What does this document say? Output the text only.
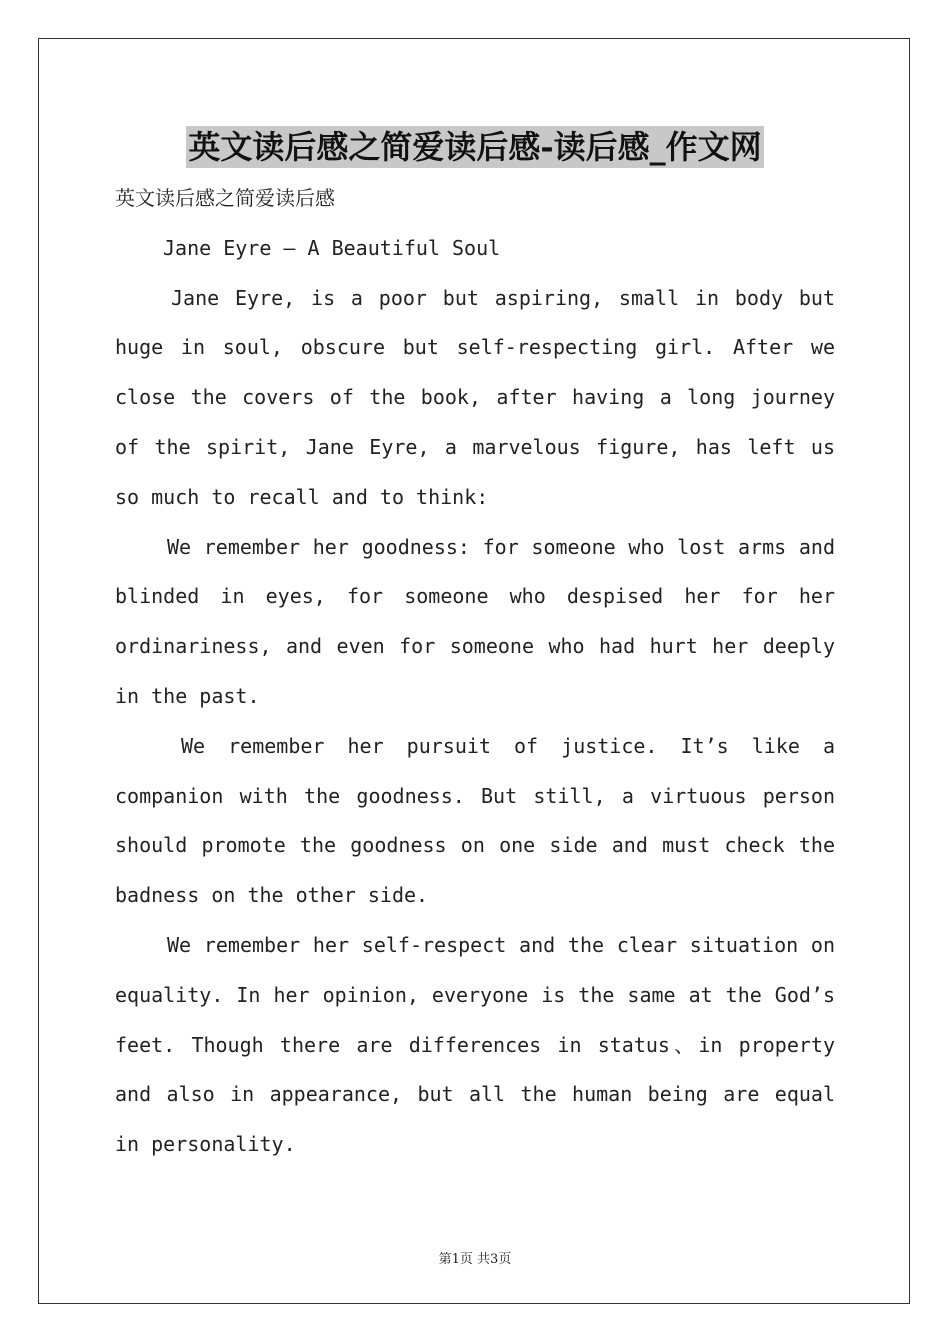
英文读后感之简爱读后感-读后感_作文网

英文读后感之简爱读后感

Jane Eyre — A Beautiful Soul

Jane Eyre, is a poor but aspiring, small in body but huge in soul, obscure but self-respecting girl. After we close the covers of the book, after having a long journey of the spirit, Jane Eyre, a marvelous figure, has left us so much to recall and to think:

We remember her goodness: for someone who lost arms and blinded in eyes, for someone who despised her for her ordinariness, and even for someone who had hurt her deeply in the past.

We remember her pursuit of justice. It’s like a companion with the goodness. But still, a virtuous person should promote the goodness on one side and must check the badness on the other side.

We remember her self-respect and the clear situation on equality. In her opinion, everyone is the same at the God’s feet. Though there are differences in status、in property and also in appearance, but all the human being are equal in personality.

第1页 共3页
